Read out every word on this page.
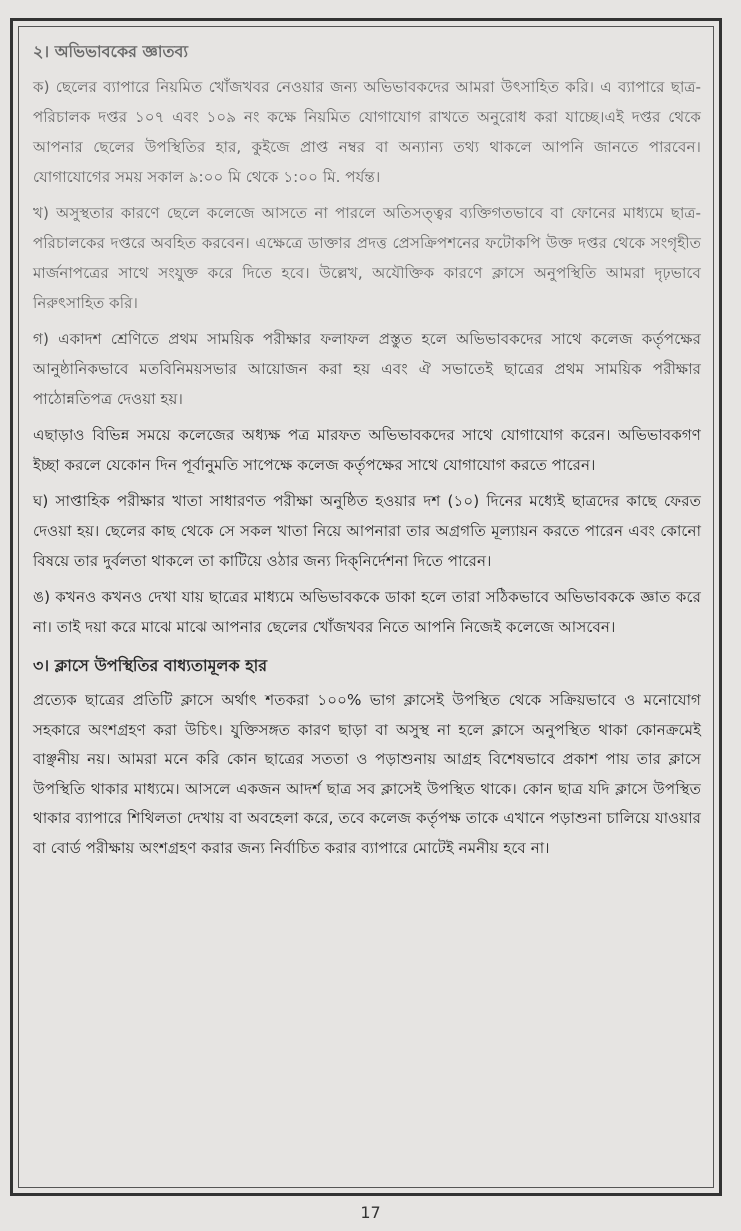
২। অভিভাবকের জ্ঞাতব্য

ক) ছেলের ব্যাপারে নিয়মিত খোঁজখবর নেওয়ার জন্য অভিভাবকদের আমরা উৎসাহিত করি। এ ব্যাপারে ছাত্র-পরিচালক দপ্তর ১০৭ এবং ১০৯ নং কক্ষে নিয়মিত যোগাযোগ রাখতে অনুরোধ করা যাচ্ছে।এই দপ্তর থেকে আপনার ছেলের উপস্থিতির হার, কুইজে প্রাপ্ত নম্বর বা অন্যান্য তথ্য থাকলে আপনি জানতে পারবেন। যোগাযোগের সময় সকাল ৯:০০ মি থেকে ১:০০ মি. পর্যন্ত।

খ) অসুস্থতার কারণে ছেলে কলেজে আসতে না পারলে অতিসত্ত্বর ব্যক্তিগতভাবে বা ফোনের মাধ্যমে ছাত্র-পরিচালকের দপ্তরে অবহিত করবেন। এক্ষেত্রে ডাক্তার প্রদত্ত প্রেসক্রিপশনের ফটোকপি উক্ত দপ্তর থেকে সংগৃহীত মার্জনাপত্রের সাথে সংযুক্ত করে দিতে হবে। উল্লেখ, অযৌক্তিক কারণে ক্লাসে অনুপস্থিতি আমরা দৃঢ়ভাবে নিরুৎসাহিত করি।

গ) একাদশ শ্রেণিতে প্রথম সাময়িক পরীক্ষার ফলাফল প্রস্তুত হলে অভিভাবকদের সাথে কলেজ কর্তৃপক্ষের আনুষ্ঠানিকভাবে মতবিনিময়সভার আয়োজন করা হয় এবং ঐ সভাতেই ছাত্রের প্রথম সাময়িক পরীক্ষার পাঠোন্নতিপত্র দেওয়া হয়।

এছাড়াও বিভিন্ন সময়ে কলেজের অধ্যক্ষ পত্র মারফত অভিভাবকদের সাথে যোগাযোগ করেন। অভিভাবকগণ ইচ্ছা করলে যেকোন দিন পূর্বানুমতি সাপেক্ষে কলেজ কর্তৃপক্ষের সাথে যোগাযোগ করতে পারেন।

ঘ) সাপ্তাহিক পরীক্ষার খাতা সাধারণত পরীক্ষা অনুষ্ঠিত হওয়ার দশ (১০) দিনের মধ্যেই ছাত্রদের কাছে ফেরত দেওয়া হয়। ছেলের কাছ থেকে সে সকল খাতা নিয়ে আপনারা তার অগ্রগতি মূল্যায়ন করতে পারেন এবং কোনো বিষয়ে তার দুর্বলতা থাকলে তা কাটিয়ে ওঠার জন্য দিক্‌নির্দেশনা দিতে পারেন।

ঙ) কখনও কখনও দেখা যায় ছাত্রের মাধ্যমে অভিভাবককে ডাকা হলে তারা সঠিকভাবে অভিভাবককে জ্ঞাত করে না। তাই দয়া করে মাঝে মাঝে আপনার ছেলের খোঁজখবর নিতে আপনি নিজেই কলেজে আসবেন।

৩। ক্লাসে উপস্থিতির বাধ্যতামূলক হার

প্রত্যেক ছাত্রের প্রতিটি ক্লাসে অর্থাৎ শতকরা ১০০% ভাগ ক্লাসেই উপস্থিত থেকে সক্রিয়ভাবে ও মনোযোগ সহকারে অংশগ্রহণ করা উচিৎ। যুক্তিসঙ্গত কারণ ছাড়া বা অসুস্থ না হলে ক্লাসে অনুপস্থিত থাকা কোনক্রমেই বাঞ্ছনীয় নয়। আমরা মনে করি কোন ছাত্রের সততা ও পড়াশুনায় আগ্রহ বিশেষভাবে প্রকাশ পায় তার ক্লাসে উপস্থিতি থাকার মাধ্যমে। আসলে একজন আদর্শ ছাত্র সব ক্লাসেই উপস্থিত থাকে। কোন ছাত্র যদি ক্লাসে উপস্থিত থাকার ব্যাপারে শিথিলতা দেখায় বা অবহেলা করে, তবে কলেজ কর্তৃপক্ষ তাকে এখানে পড়াশুনা চালিয়ে যাওয়ার বা বোর্ড পরীক্ষায় অংশগ্রহণ করার জন্য নির্বাচিত করার ব্যাপারে মোটেই নমনীয় হবে না।

17
